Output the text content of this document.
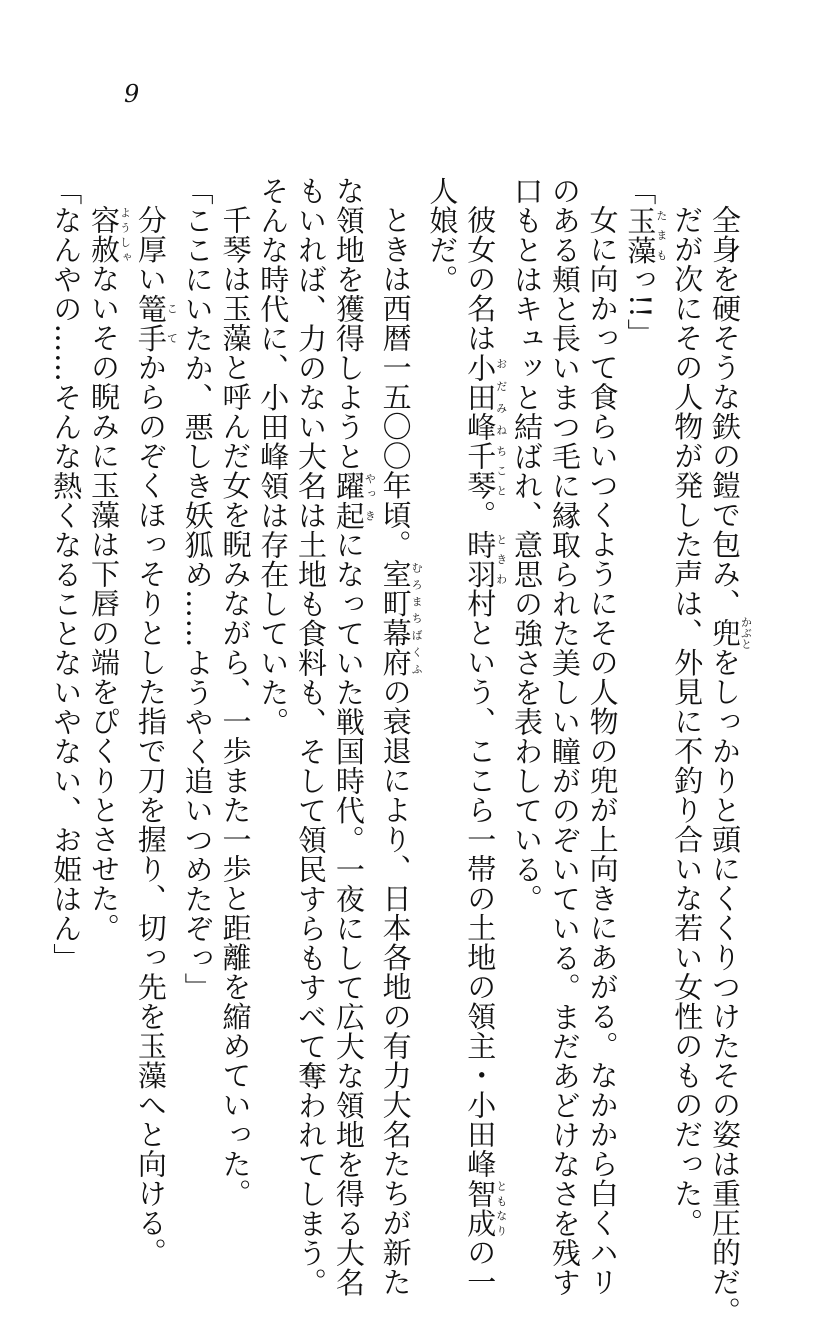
9
全身を硬そうな鉄の鎧で包み、兜かぶとをしっかりと頭にくくりつけたその姿は重圧的だ。
だが次にその人物が発した声は、外見に不釣り合いな若い女性のものだった。
「玉藻たまもっ!!」
女に向かって食らいつくようにその人物の兜が上向きにあがる。なかから白くハリ
のある頬と長いまつ毛に縁取られた美しい瞳がのぞいている。まだあどけなさを残す
口もとはキュッと結ばれ、意思の強さを表わしている。
彼女の名は小田峰おだみね千琴ちこと。時羽ときわ村という、ここら一帯の土地の領主・小田峰智成ともなりの一
人娘だ。
ときは西暦一五〇〇年頃。室町幕府むろまちばくふの衰退により、日本各地の有力大名たちが新た
な領地を獲得しようと躍やっ起きになっていた戦国時代。一夜にして広大な領地を得る大名
もいれば、力のない大名は土地も食料も、そして領民すらもすべて奪われてしまう。
そんな時代に、小田峰領は存在していた。
千琴は玉藻と呼んだ女を睨みながら、一歩また一歩と距離を縮めていった。
「ここにいたか、悪しき妖狐め……ようやく追いつめたぞっ」
分厚い篭手こてからのぞくほっそりとした指で刀を握り、切っ先を玉藻へと向ける。
容赦ようしゃないその睨みに玉藻は下唇の端をぴくりとさせた。
「なんやの……そんな熱くなることないやない、お姫はん」
